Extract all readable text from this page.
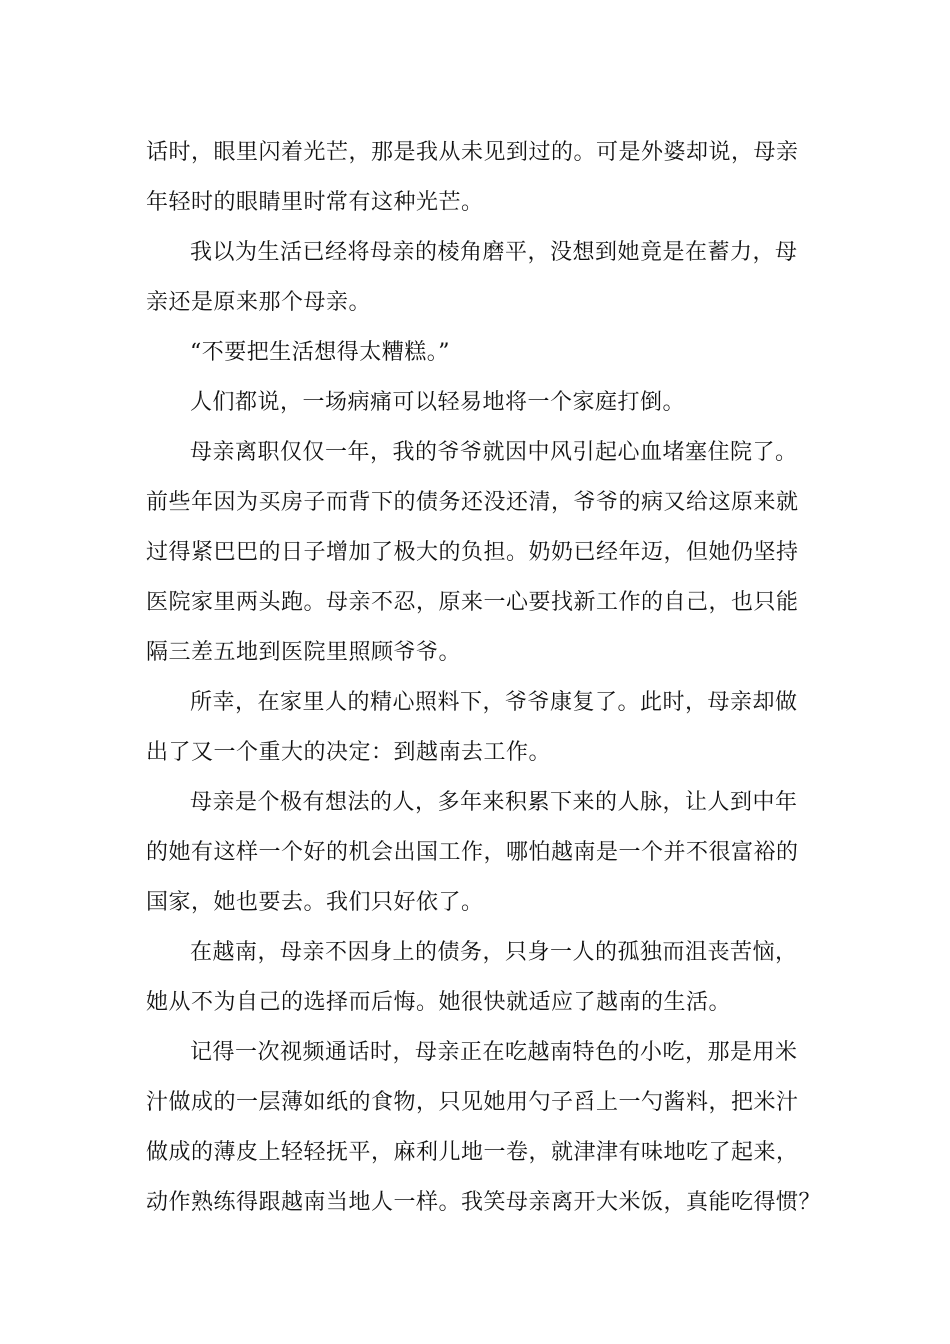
话时，眼里闪着光芒，那是我从未见到过的。可是外婆却说，母亲
年轻时的眼睛里时常有这种光芒。
我以为生活已经将母亲的棱角磨平，没想到她竟是在蓄力，母
亲还是原来那个母亲。
“不要把生活想得太糟糕。”
人们都说，一场病痛可以轻易地将一个家庭打倒。
母亲离职仅仅一年，我的爷爷就因中风引起心血堵塞住院了。
前些年因为买房子而背下的债务还没还清，爷爷的病又给这原来就
过得紧巴巴的日子增加了极大的负担。奶奶已经年迈，但她仍坚持
医院家里两头跑。母亲不忍，原来一心要找新工作的自己，也只能
隔三差五地到医院里照顾爷爷。
所幸，在家里人的精心照料下，爷爷康复了。此时，母亲却做
出了又一个重大的决定：到越南去工作。
母亲是个极有想法的人，多年来积累下来的人脉，让人到中年
的她有这样一个好的机会出国工作，哪怕越南是一个并不很富裕的
国家，她也要去。我们只好依了。
在越南，母亲不因身上的债务，只身一人的孤独而沮丧苦恼，
她从不为自己的选择而后悔。她很快就适应了越南的生活。
记得一次视频通话时，母亲正在吃越南特色的小吃，那是用米
汁做成的一层薄如纸的食物，只见她用勺子舀上一勺酱料，把米汁
做成的薄皮上轻轻抚平，麻利儿地一卷，就津津有味地吃了起来，
动作熟练得跟越南当地人一样。我笑母亲离开大米饭，真能吃得惯？
